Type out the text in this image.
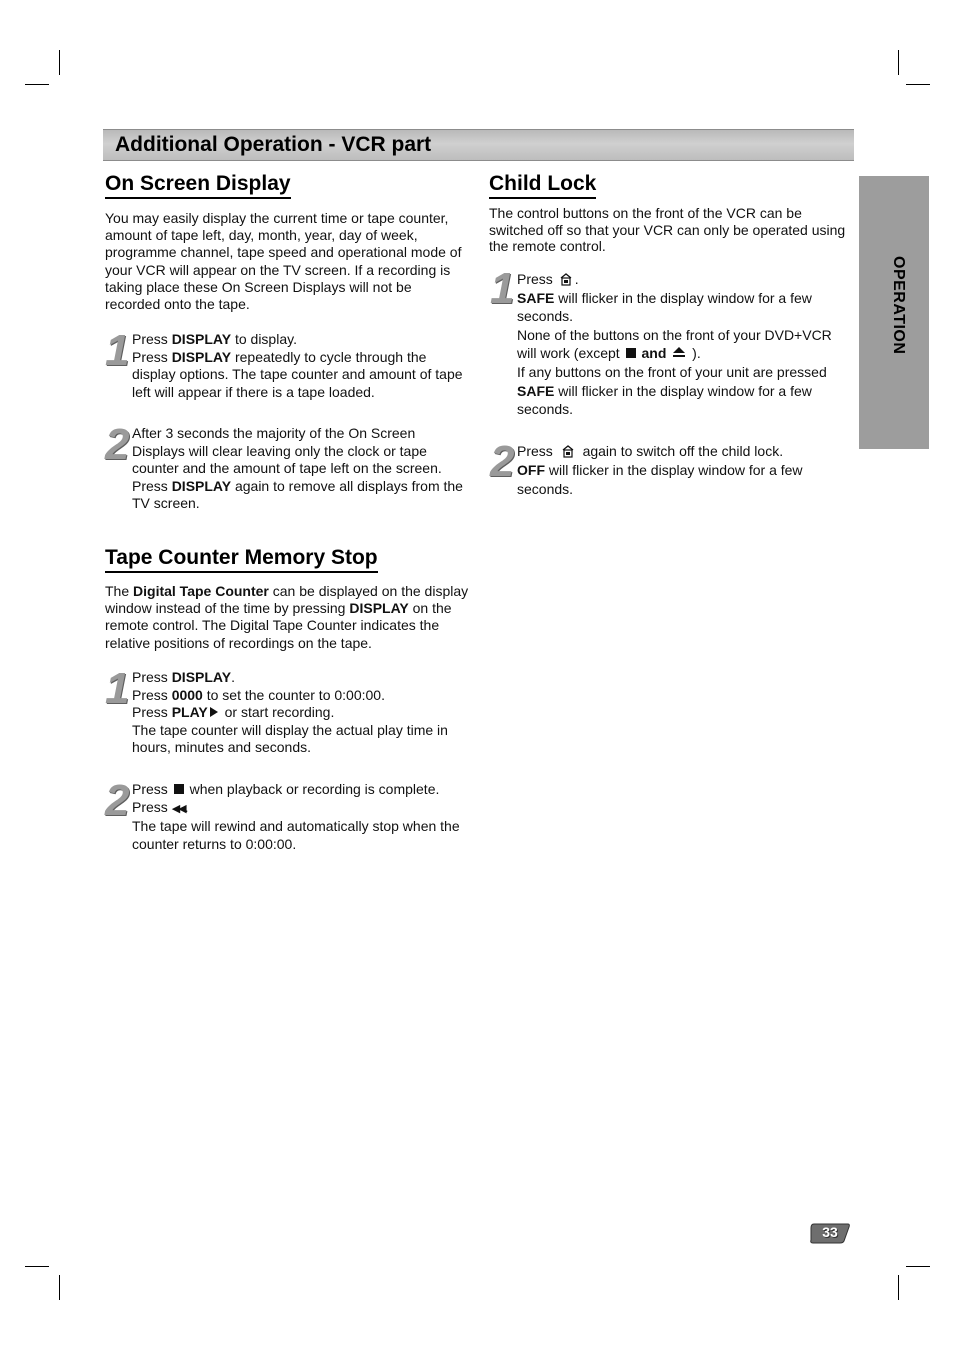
Additional Operation - VCR part
OPERATION
On Screen Display
You may easily display the current time or tape counter, amount of tape left, day, month, year, day of week, programme channel, tape speed and operational mode of your VCR will appear on the TV screen. If a recording is taking place these On Screen Displays will not be recorded onto the tape.
1 Press DISPLAY to display.
Press DISPLAY repeatedly to cycle through the display options. The tape counter and amount of tape left will appear if there is a tape loaded.
2 After 3 seconds the majority of the On Screen Displays will clear leaving only the clock or tape counter and the amount of tape left on the screen.
Press DISPLAY again to remove all displays from the TV screen.
Tape Counter Memory Stop
The Digital Tape Counter can be displayed on the display window instead of the time by pressing DISPLAY on the remote control. The Digital Tape Counter indicates the relative positions of recordings on the tape.
1 Press DISPLAY.
Press 0000 to set the counter to 0:00:00.
Press PLAY or start recording.
The tape counter will display the actual play time in hours, minutes and seconds.
2 Press  when playback or recording is complete.
Press ◀◀.
The tape will rewind and automatically stop when the counter returns to 0:00:00.
Child Lock
The control buttons on the front of the VCR can be switched off so that your VCR can only be operated using the remote control.
1 Press .
SAFE will flicker in the display window for a few seconds.
None of the buttons on the front of your DVD+VCR will work (except  and  ).
If any buttons on the front of your unit are pressed
SAFE will flicker in the display window for a few seconds.
2 Press  again to switch off the child lock.
OFF will flicker in the display window for a few seconds.
33
